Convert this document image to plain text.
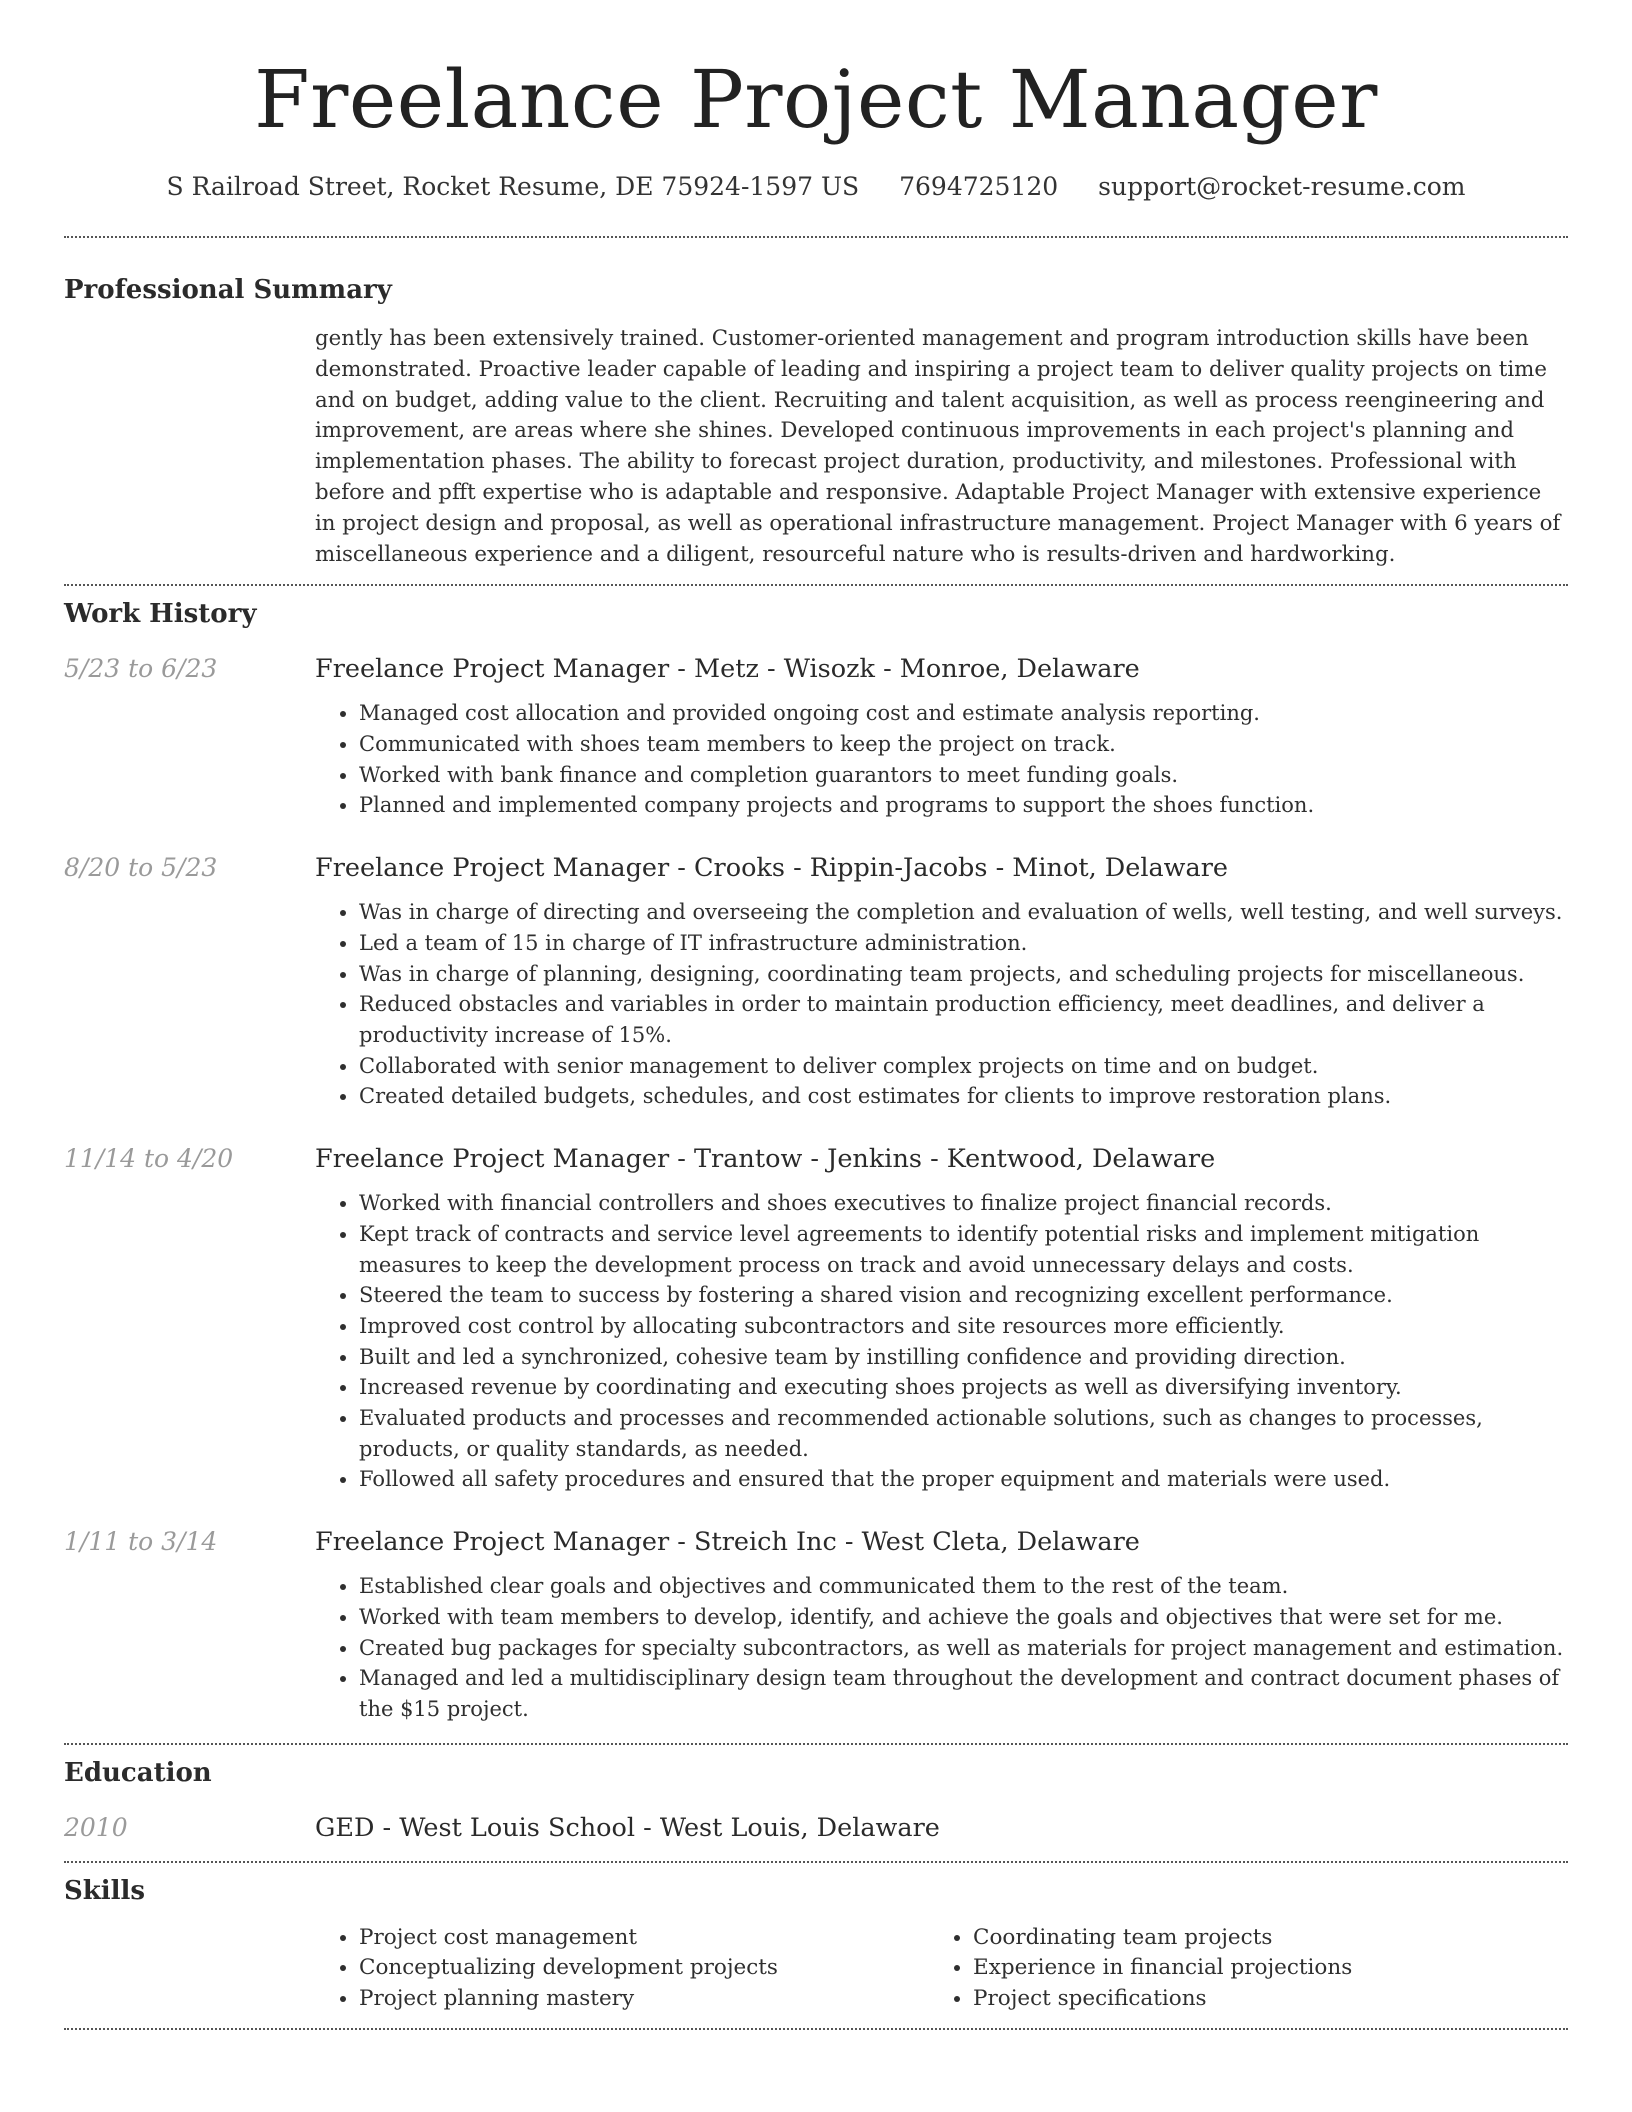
Freelance Project Manager
S Railroad Street, Rocket Resume, DE 75924-1597 US 7694725120 support@rocket-resume.com
Professional Summary
gently has been extensively trained. Customer-oriented management and program introduction skills have been demonstrated. Proactive leader capable of leading and inspiring a project team to deliver quality projects on time and on budget, adding value to the client. Recruiting and talent acquisition, as well as process reengineering and improvement, are areas where she shines. Developed continuous improvements in each project's planning and implementation phases. The ability to forecast project duration, productivity, and milestones. Professional with before and pfft expertise who is adaptable and responsive. Adaptable Project Manager with extensive experience in project design and proposal, as well as operational infrastructure management. Project Manager with 6 years of miscellaneous experience and a diligent, resourceful nature who is results-driven and hardworking.
Work History
5/23 to 6/23	Freelance Project Manager - Metz - Wisozk - Monroe, Delaware
• Managed cost allocation and provided ongoing cost and estimate analysis reporting.
• Communicated with shoes team members to keep the project on track.
• Worked with bank finance and completion guarantors to meet funding goals.
• Planned and implemented company projects and programs to support the shoes function.
8/20 to 5/23	Freelance Project Manager - Crooks - Rippin-Jacobs - Minot, Delaware
• Was in charge of directing and overseeing the completion and evaluation of wells, well testing, and well surveys.
• Led a team of 15 in charge of IT infrastructure administration.
• Was in charge of planning, designing, coordinating team projects, and scheduling projects for miscellaneous.
• Reduced obstacles and variables in order to maintain production efficiency, meet deadlines, and deliver a productivity increase of 15%.
• Collaborated with senior management to deliver complex projects on time and on budget.
• Created detailed budgets, schedules, and cost estimates for clients to improve restoration plans.
11/14 to 4/20	Freelance Project Manager - Trantow - Jenkins - Kentwood, Delaware
• Worked with financial controllers and shoes executives to finalize project financial records.
• Kept track of contracts and service level agreements to identify potential risks and implement mitigation measures to keep the development process on track and avoid unnecessary delays and costs.
• Steered the team to success by fostering a shared vision and recognizing excellent performance.
• Improved cost control by allocating subcontractors and site resources more efficiently.
• Built and led a synchronized, cohesive team by instilling confidence and providing direction.
• Increased revenue by coordinating and executing shoes projects as well as diversifying inventory.
• Evaluated products and processes and recommended actionable solutions, such as changes to processes, products, or quality standards, as needed.
• Followed all safety procedures and ensured that the proper equipment and materials were used.
1/11 to 3/14	Freelance Project Manager - Streich Inc - West Cleta, Delaware
• Established clear goals and objectives and communicated them to the rest of the team.
• Worked with team members to develop, identify, and achieve the goals and objectives that were set for me.
• Created bug packages for specialty subcontractors, as well as materials for project management and estimation.
• Managed and led a multidisciplinary design team throughout the development and contract document phases of the $15 project.
Education
2010	GED - West Louis School - West Louis, Delaware
Skills
• Project cost management
• Conceptualizing development projects
• Project planning mastery
• Coordinating team projects
• Experience in financial projections
• Project specifications
